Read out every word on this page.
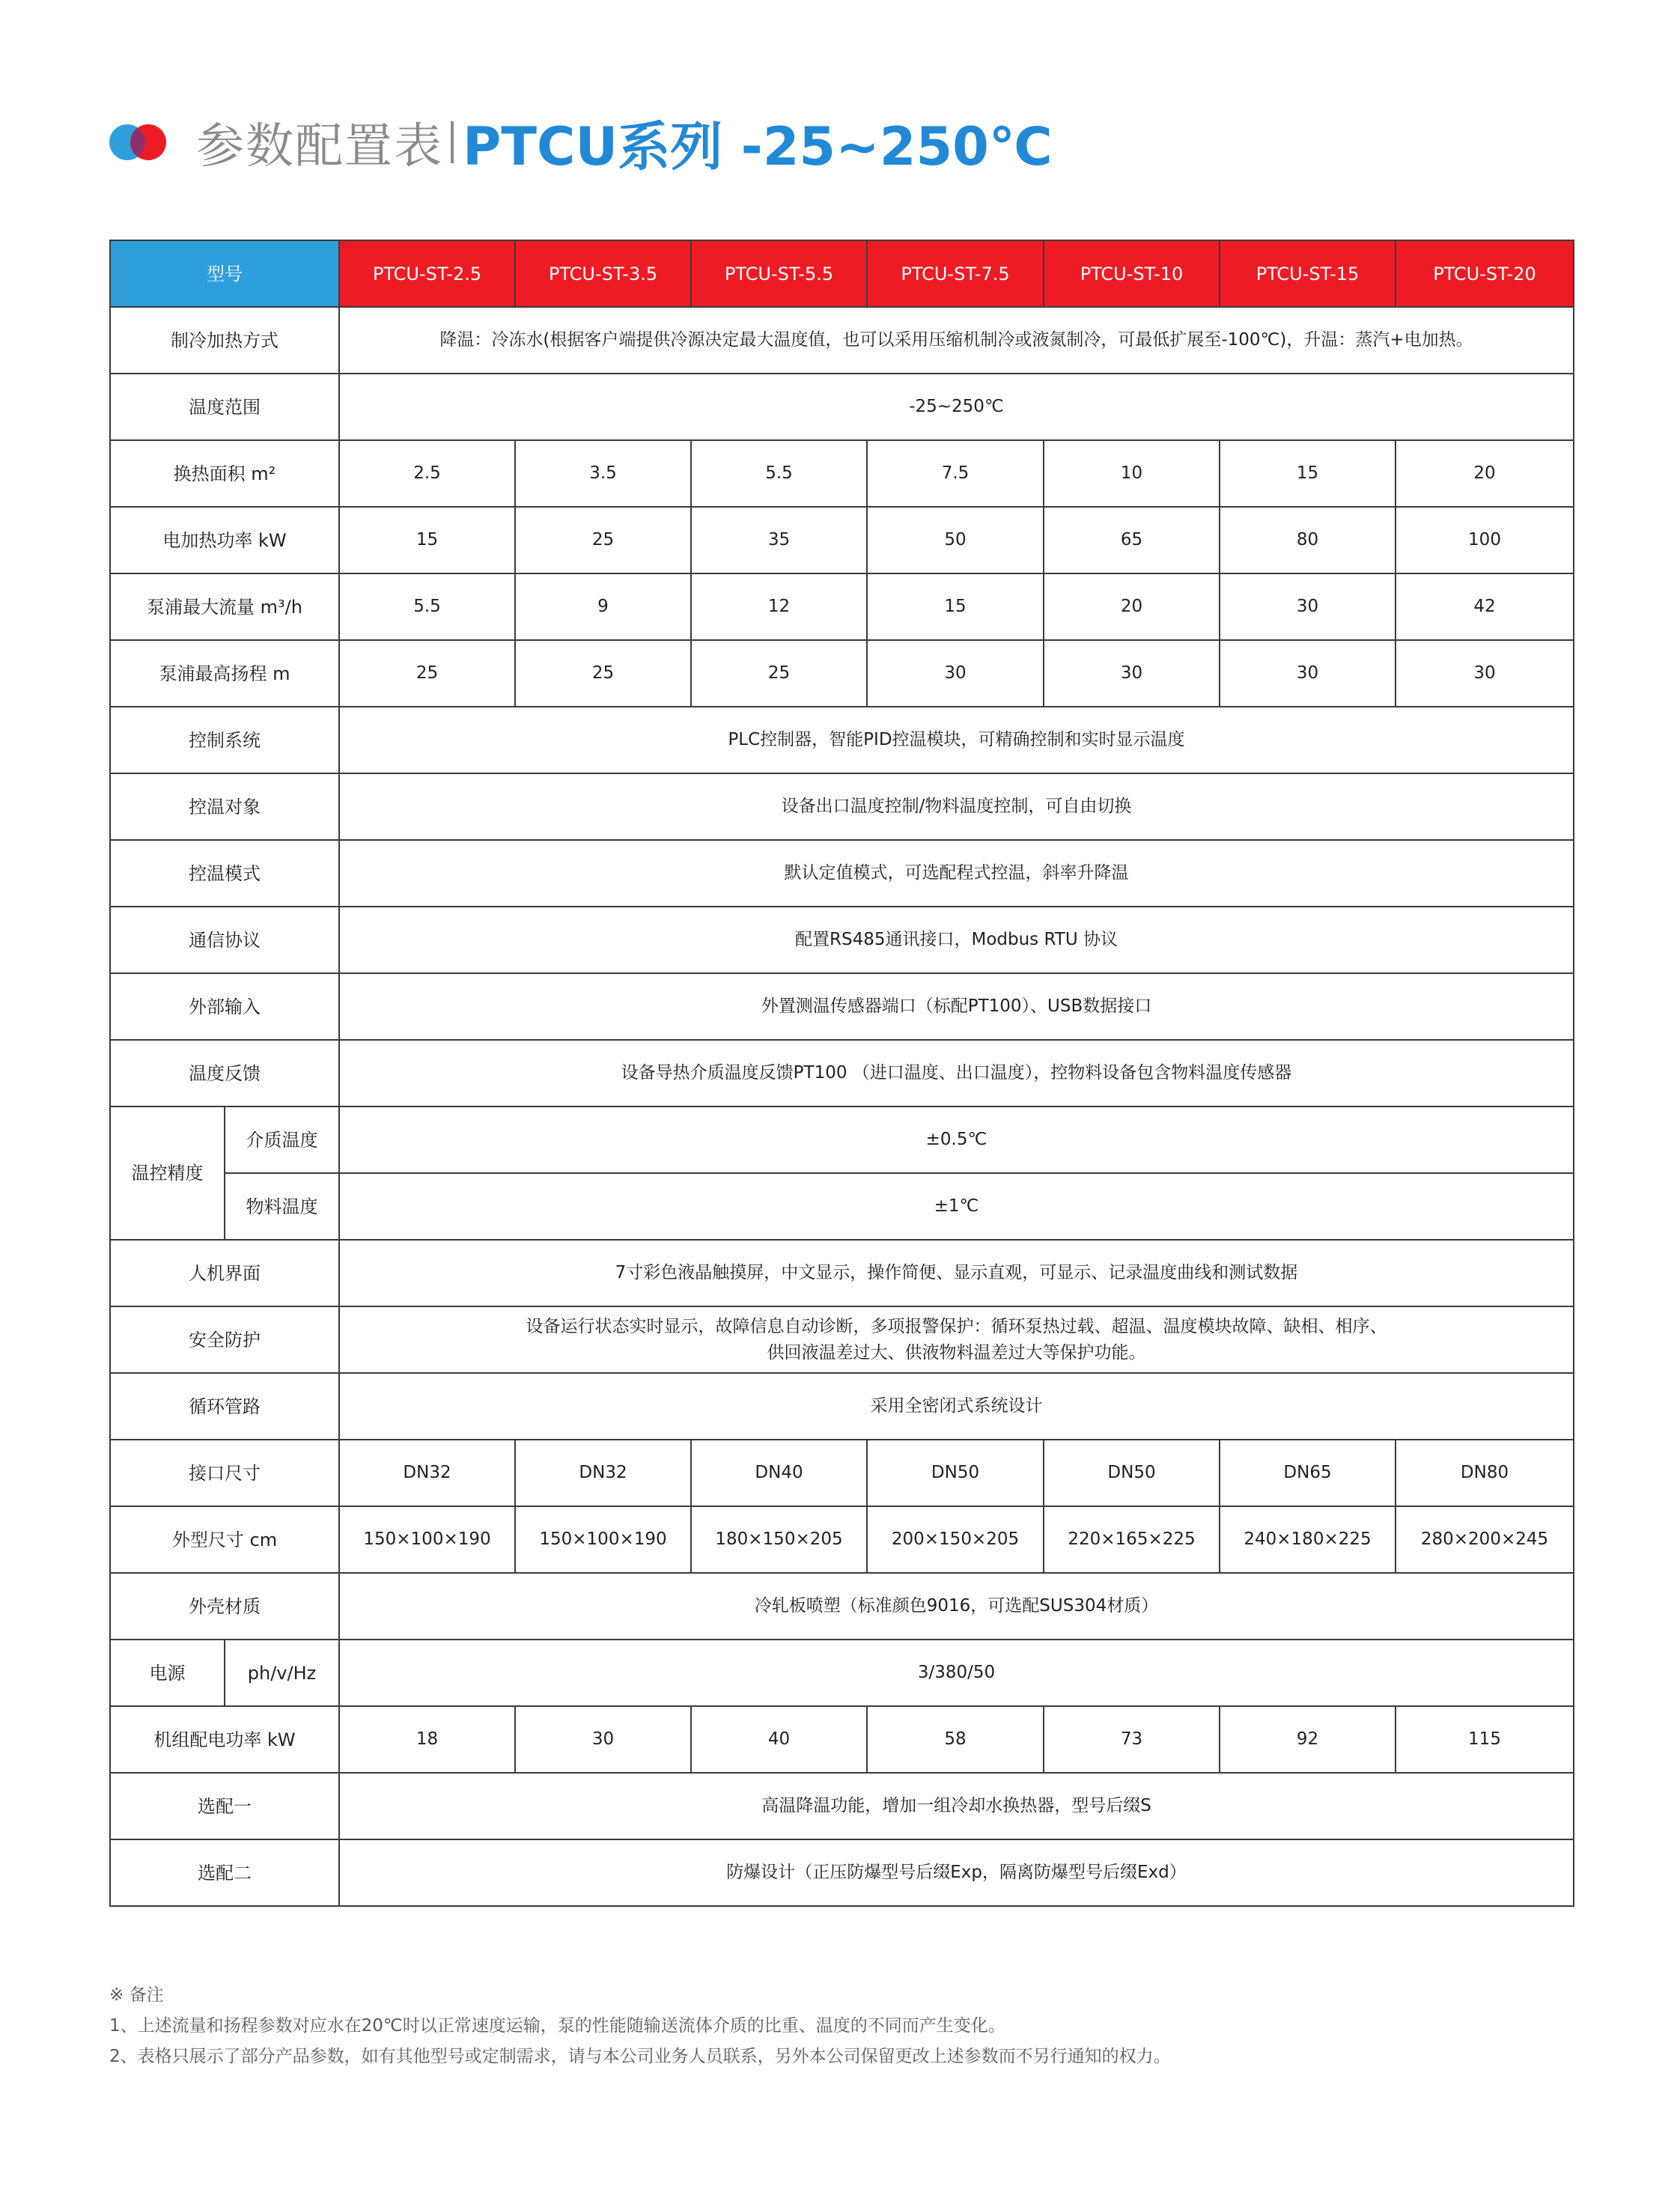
参数配置表 PTCU系列 -25~250℃
型号		PTCU-ST-2.5	PTCU-ST-3.5	PTCU-ST-5.5	PTCU-ST-7.5	PTCU-ST-10	PTCU-ST-15	PTCU-ST-20
制冷加热方式		降温：冷冻水(根据客户端提供冷源决定最大温度值，也可以采用压缩机制冷或液氮制冷，可最低扩展至-100℃)，升温：蒸汽+电加热。						
温度范围		-25~250℃						
换热面积 m²		2.5	3.5	5.5	7.5	10	15	20
电加热功率 kW		15	25	35	50	65	80	100
泵浦最大流量 m³/h		5.5	9	12	15	20	30	42
泵浦最高扬程 m		25	25	25	30	30	30	30
控制系统		PLC控制器，智能PID控温模块，可精确控制和实时显示温度						
控温对象		设备出口温度控制/物料温度控制，可自由切换						
控温模式		默认定值模式，可选配程式控温，斜率升降温						
通信协议		配置RS485通讯接口，Modbus RTU 协议						
外部输入		外置测温传感器端口（标配PT100）、USB数据接口						
温度反馈		设备导热介质温度反馈PT100 （进口温度、出口温度），控物料设备包含物料温度传感器						
温控精度	介质温度	±0.5℃						
	物料温度	±1℃						
人机界面		7寸彩色液晶触摸屏，中文显示，操作简便、显示直观，可显示、记录温度曲线和测试数据						
安全防护		设备运行状态实时显示，故障信息自动诊断，多项报警保护：循环泵热过载、超温、温度模块故障、缺相、相序、
供回液温差过大、供液物料温差过大等保护功能。						

循环管路		采用全密闭式系统设计						
接口尺寸		DN32	DN32	DN40	DN50	DN50	DN65	DN80
外型尺寸 cm		150×100×190	150×100×190	180×150×205	200×150×205	220×165×225	240×180×225	280×200×245
外壳材质		冷轧板喷塑（标准颜色9016，可选配SUS304材质）						
电源	ph/v/Hz	3/380/50						
机组配电功率 kW		18	30	40	58	73	92	115
选配一		高温降温功能，增加一组冷却水换热器，型号后缀S						
选配二		防爆设计（正压防爆型号后缀Exp，隔离防爆型号后缀Exd）						
※ 备注
1、上述流量和扬程参数对应水在20℃时以正常速度运输，泵的性能随输送流体介质的比重、温度的不同而产生变化。
2、表格只展示了部分产品参数，如有其他型号或定制需求，请与本公司业务人员联系，另外本公司保留更改上述参数而不另行通知的权力。
